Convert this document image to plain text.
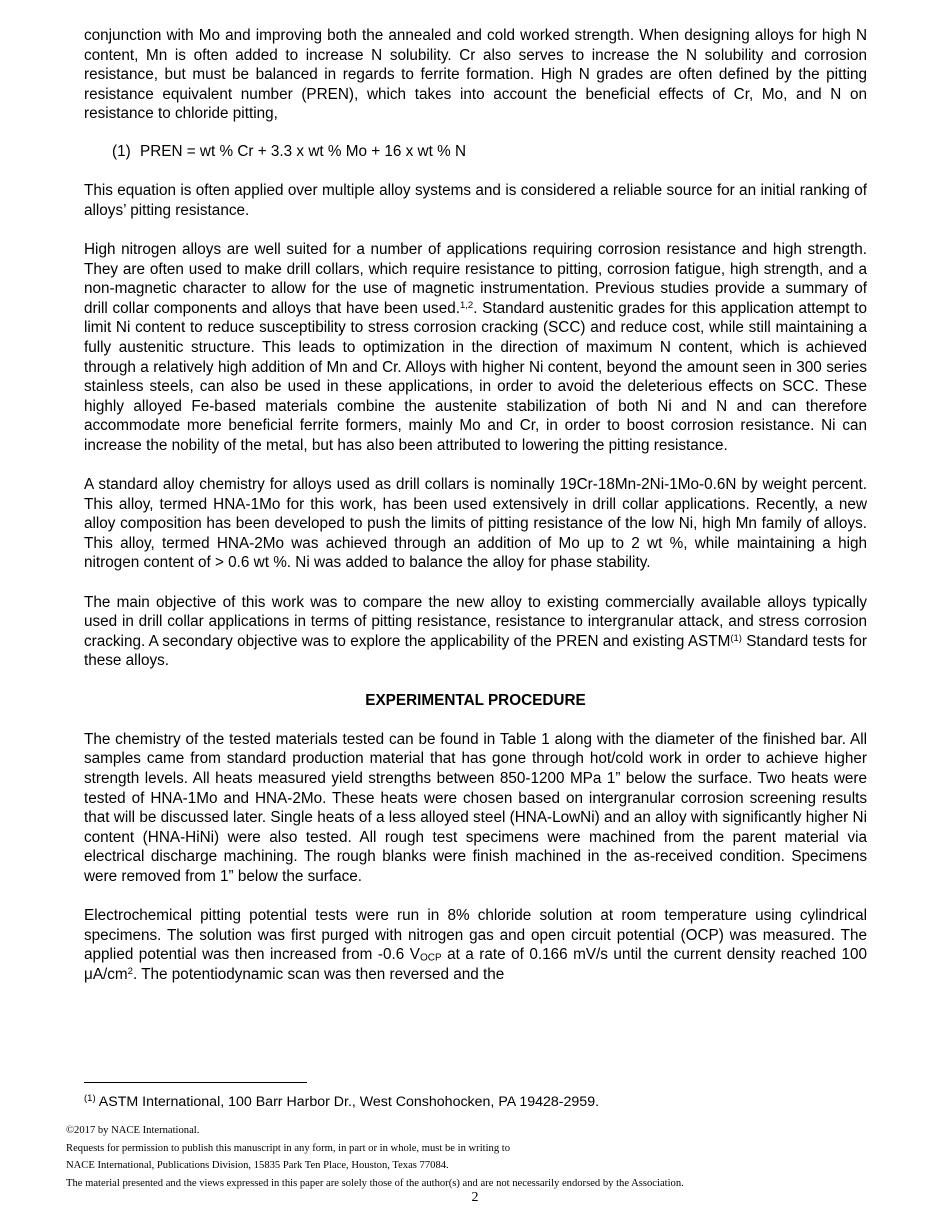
conjunction with Mo and improving both the annealed and cold worked strength. When designing alloys for high N content, Mn is often added to increase N solubility. Cr also serves to increase the N solubility and corrosion resistance, but must be balanced in regards to ferrite formation. High N grades are often defined by the pitting resistance equivalent number (PREN), which takes into account the beneficial effects of Cr, Mo, and N on resistance to chloride pitting,

(1) PREN = wt % Cr + 3.3 x wt % Mo + 16 x wt % N

This equation is often applied over multiple alloy systems and is considered a reliable source for an initial ranking of alloys’ pitting resistance.

High nitrogen alloys are well suited for a number of applications requiring corrosion resistance and high strength. They are often used to make drill collars, which require resistance to pitting, corrosion fatigue, high strength, and a non-magnetic character to allow for the use of magnetic instrumentation. Previous studies provide a summary of drill collar components and alloys that have been used.$^{1,2}$. Standard austenitic grades for this application attempt to limit Ni content to reduce susceptibility to stress corrosion cracking (SCC) and reduce cost, while still maintaining a fully austenitic structure. This leads to optimization in the direction of maximum N content, which is achieved through a relatively high addition of Mn and Cr. Alloys with higher Ni content, beyond the amount seen in 300 series stainless steels, can also be used in these applications, in order to avoid the deleterious effects on SCC. These highly alloyed Fe-based materials combine the austenite stabilization of both Ni and N and can therefore accommodate more beneficial ferrite formers, mainly Mo and Cr, in order to boost corrosion resistance. Ni can increase the nobility of the metal, but has also been attributed to lowering the pitting resistance.

A standard alloy chemistry for alloys used as drill collars is nominally 19Cr-18Mn-2Ni-1Mo-0.6N by weight percent. This alloy, termed HNA-1Mo for this work, has been used extensively in drill collar applications. Recently, a new alloy composition has been developed to push the limits of pitting resistance of the low Ni, high Mn family of alloys. This alloy, termed HNA-2Mo was achieved through an addition of Mo up to 2 wt %, while maintaining a high nitrogen content of > 0.6 wt %. Ni was added to balance the alloy for phase stability.

The main objective of this work was to compare the new alloy to existing commercially available alloys typically used in drill collar applications in terms of pitting resistance, resistance to intergranular attack, and stress corrosion cracking. A secondary objective was to explore the applicability of the PREN and existing ASTM$^{(1)}$ Standard tests for these alloys.

EXPERIMENTAL PROCEDURE

The chemistry of the tested materials tested can be found in Table 1 along with the diameter of the finished bar. All samples came from standard production material that has gone through hot/cold work in order to achieve higher strength levels. All heats measured yield strengths between 850-1200 MPa 1” below the surface. Two heats were tested of HNA-1Mo and HNA-2Mo. These heats were chosen based on intergranular corrosion screening results that will be discussed later. Single heats of a less alloyed steel (HNA-LowNi) and an alloy with significantly higher Ni content (HNA-HiNi) were also tested. All rough test specimens were machined from the parent material via electrical discharge machining. The rough blanks were finish machined in the as-received condition. Specimens were removed from 1” below the surface.

Electrochemical pitting potential tests were run in 8% chloride solution at room temperature using cylindrical specimens. The solution was first purged with nitrogen gas and open circuit potential (OCP) was measured. The applied potential was then increased from -0.6 $V_{OCP}$ at a rate of 0.166 mV/s until the current density reached 100 $\mu A/cm^2$. The potentiodynamic scan was then reversed and the

$^{(1)}$ ASTM International, 100 Barr Harbor Dr., West Conshohocken, PA 19428-2959.
©2017 by NACE International.
Requests for permission to publish this manuscript in any form, in part or in whole, must be in writing to
NACE International, Publications Division, 15835 Park Ten Place, Houston, Texas 77084.
The material presented and the views expressed in this paper are solely those of the author(s) and are not necessarily endorsed by the Association.
2
